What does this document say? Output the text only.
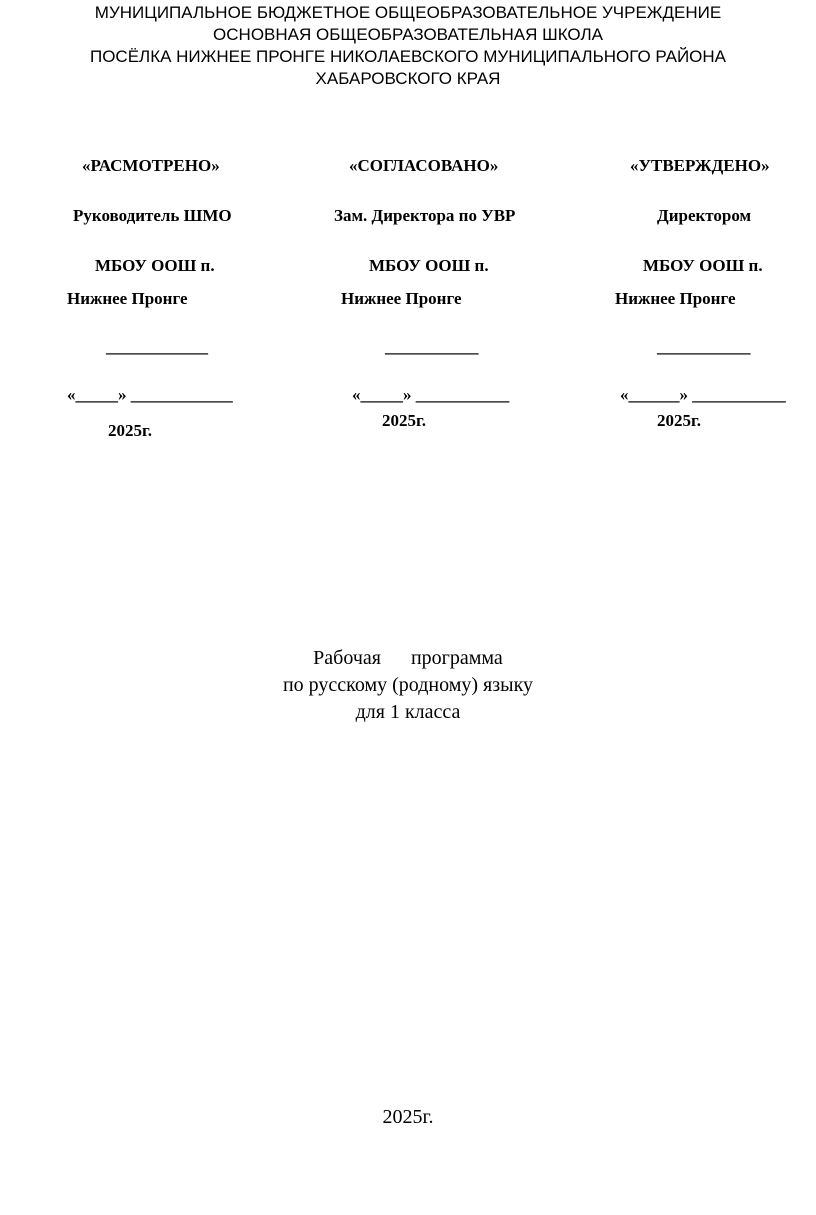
МУНИЦИПАЛЬНОЕ БЮДЖЕТНОЕ ОБЩЕОБРАЗОВАТЕЛЬНОЕ УЧРЕЖДЕНИЕ
ОСНОВНАЯ ОБЩЕОБРАЗОВАТЕЛЬНАЯ ШКОЛА
ПОСЁЛКА НИЖНЕЕ ПРОНГЕ НИКОЛАЕВСКОГО МУНИЦИПАЛЬНОГО РАЙОНА
ХАБАРОВСКОГО КРАЯ
«РАСМОТРЕНО»
Руководитель ШМО
МБОУ ООШ п.
Нижнее Пронге
____________
«_____» ____________
2025г.
«СОГЛАСОВАНО»
Зам. Директора по УВР
МБОУ ООШ п.
Нижнее Пронге
___________
«_____» ___________
2025г.
«УТВЕРЖДЕНО»
Директором
МБОУ ООШ п.
Нижнее Пронге
___________
«______» ___________
2025г.
Рабочая      программа
по русскому (родному) языку
для 1 класса
2025г.
